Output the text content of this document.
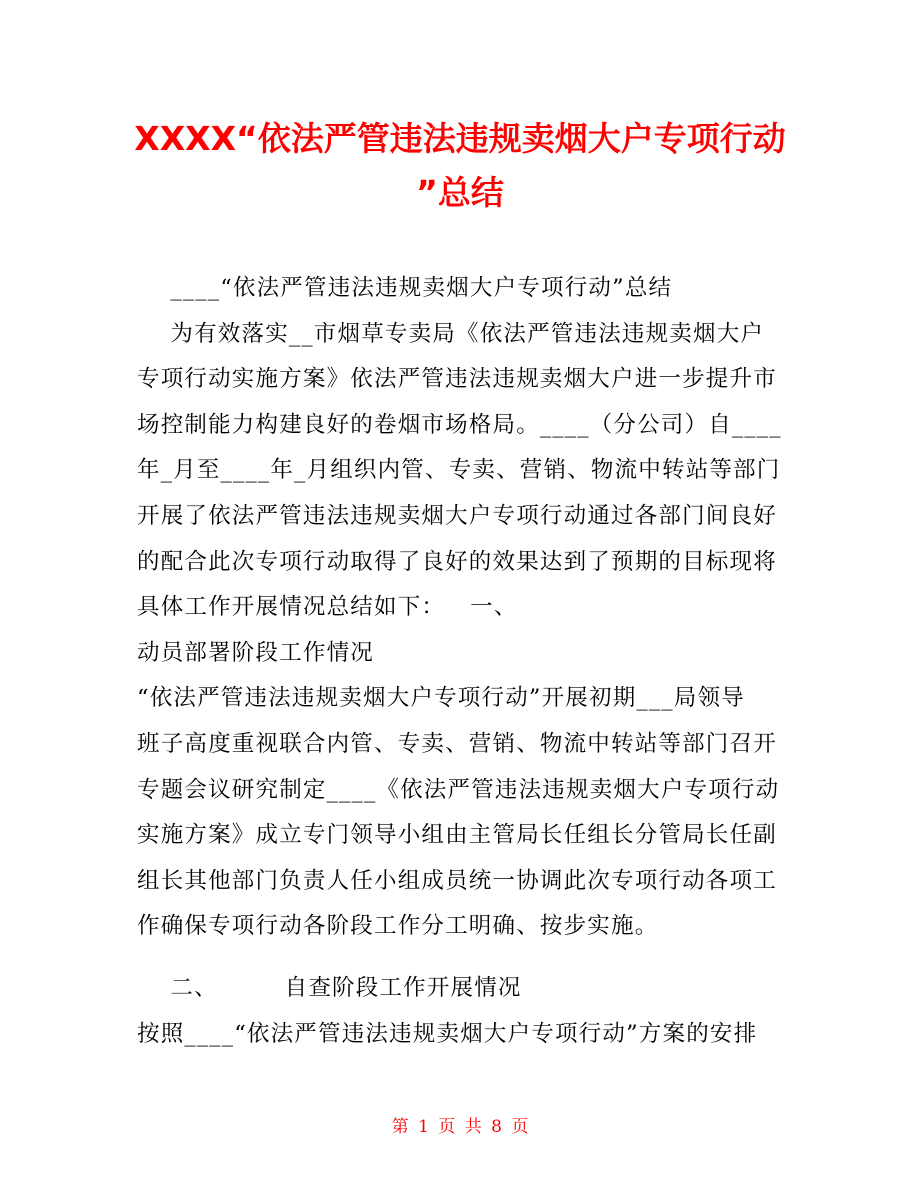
XXXX“依法严管违法违规卖烟大户专项行动
”总结
____“依法严管违法违规卖烟大户专项行动”总结
为有效落实__市烟草专卖局《依法严管违法违规卖烟大户
专项行动实施方案》依法严管违法违规卖烟大户进一步提升市
场控制能力构建良好的卷烟市场格局。____（分公司）自____
年_月至____年_月组织内管、专卖、营销、物流中转站等部门
开展了依法严管违法违规卖烟大户专项行动通过各部门间良好
的配合此次专项行动取得了良好的效果达到了预期的目标现将
具体工作开展情况总结如下：   一、
动员部署阶段工作情况
“依法严管违法违规卖烟大户专项行动”开展初期___局领导
班子高度重视联合内管、专卖、营销、物流中转站等部门召开
专题会议研究制定____《依法严管违法违规卖烟大户专项行动
实施方案》成立专门领导小组由主管局长任组长分管局长任副
组长其他部门负责人任小组成员统一协调此次专项行动各项工
作确保专项行动各阶段工作分工明确、按步实施。
二、        自查阶段工作开展情况
按照____“依法严管违法违规卖烟大户专项行动”方案的安排
第 1 页 共 8 页
